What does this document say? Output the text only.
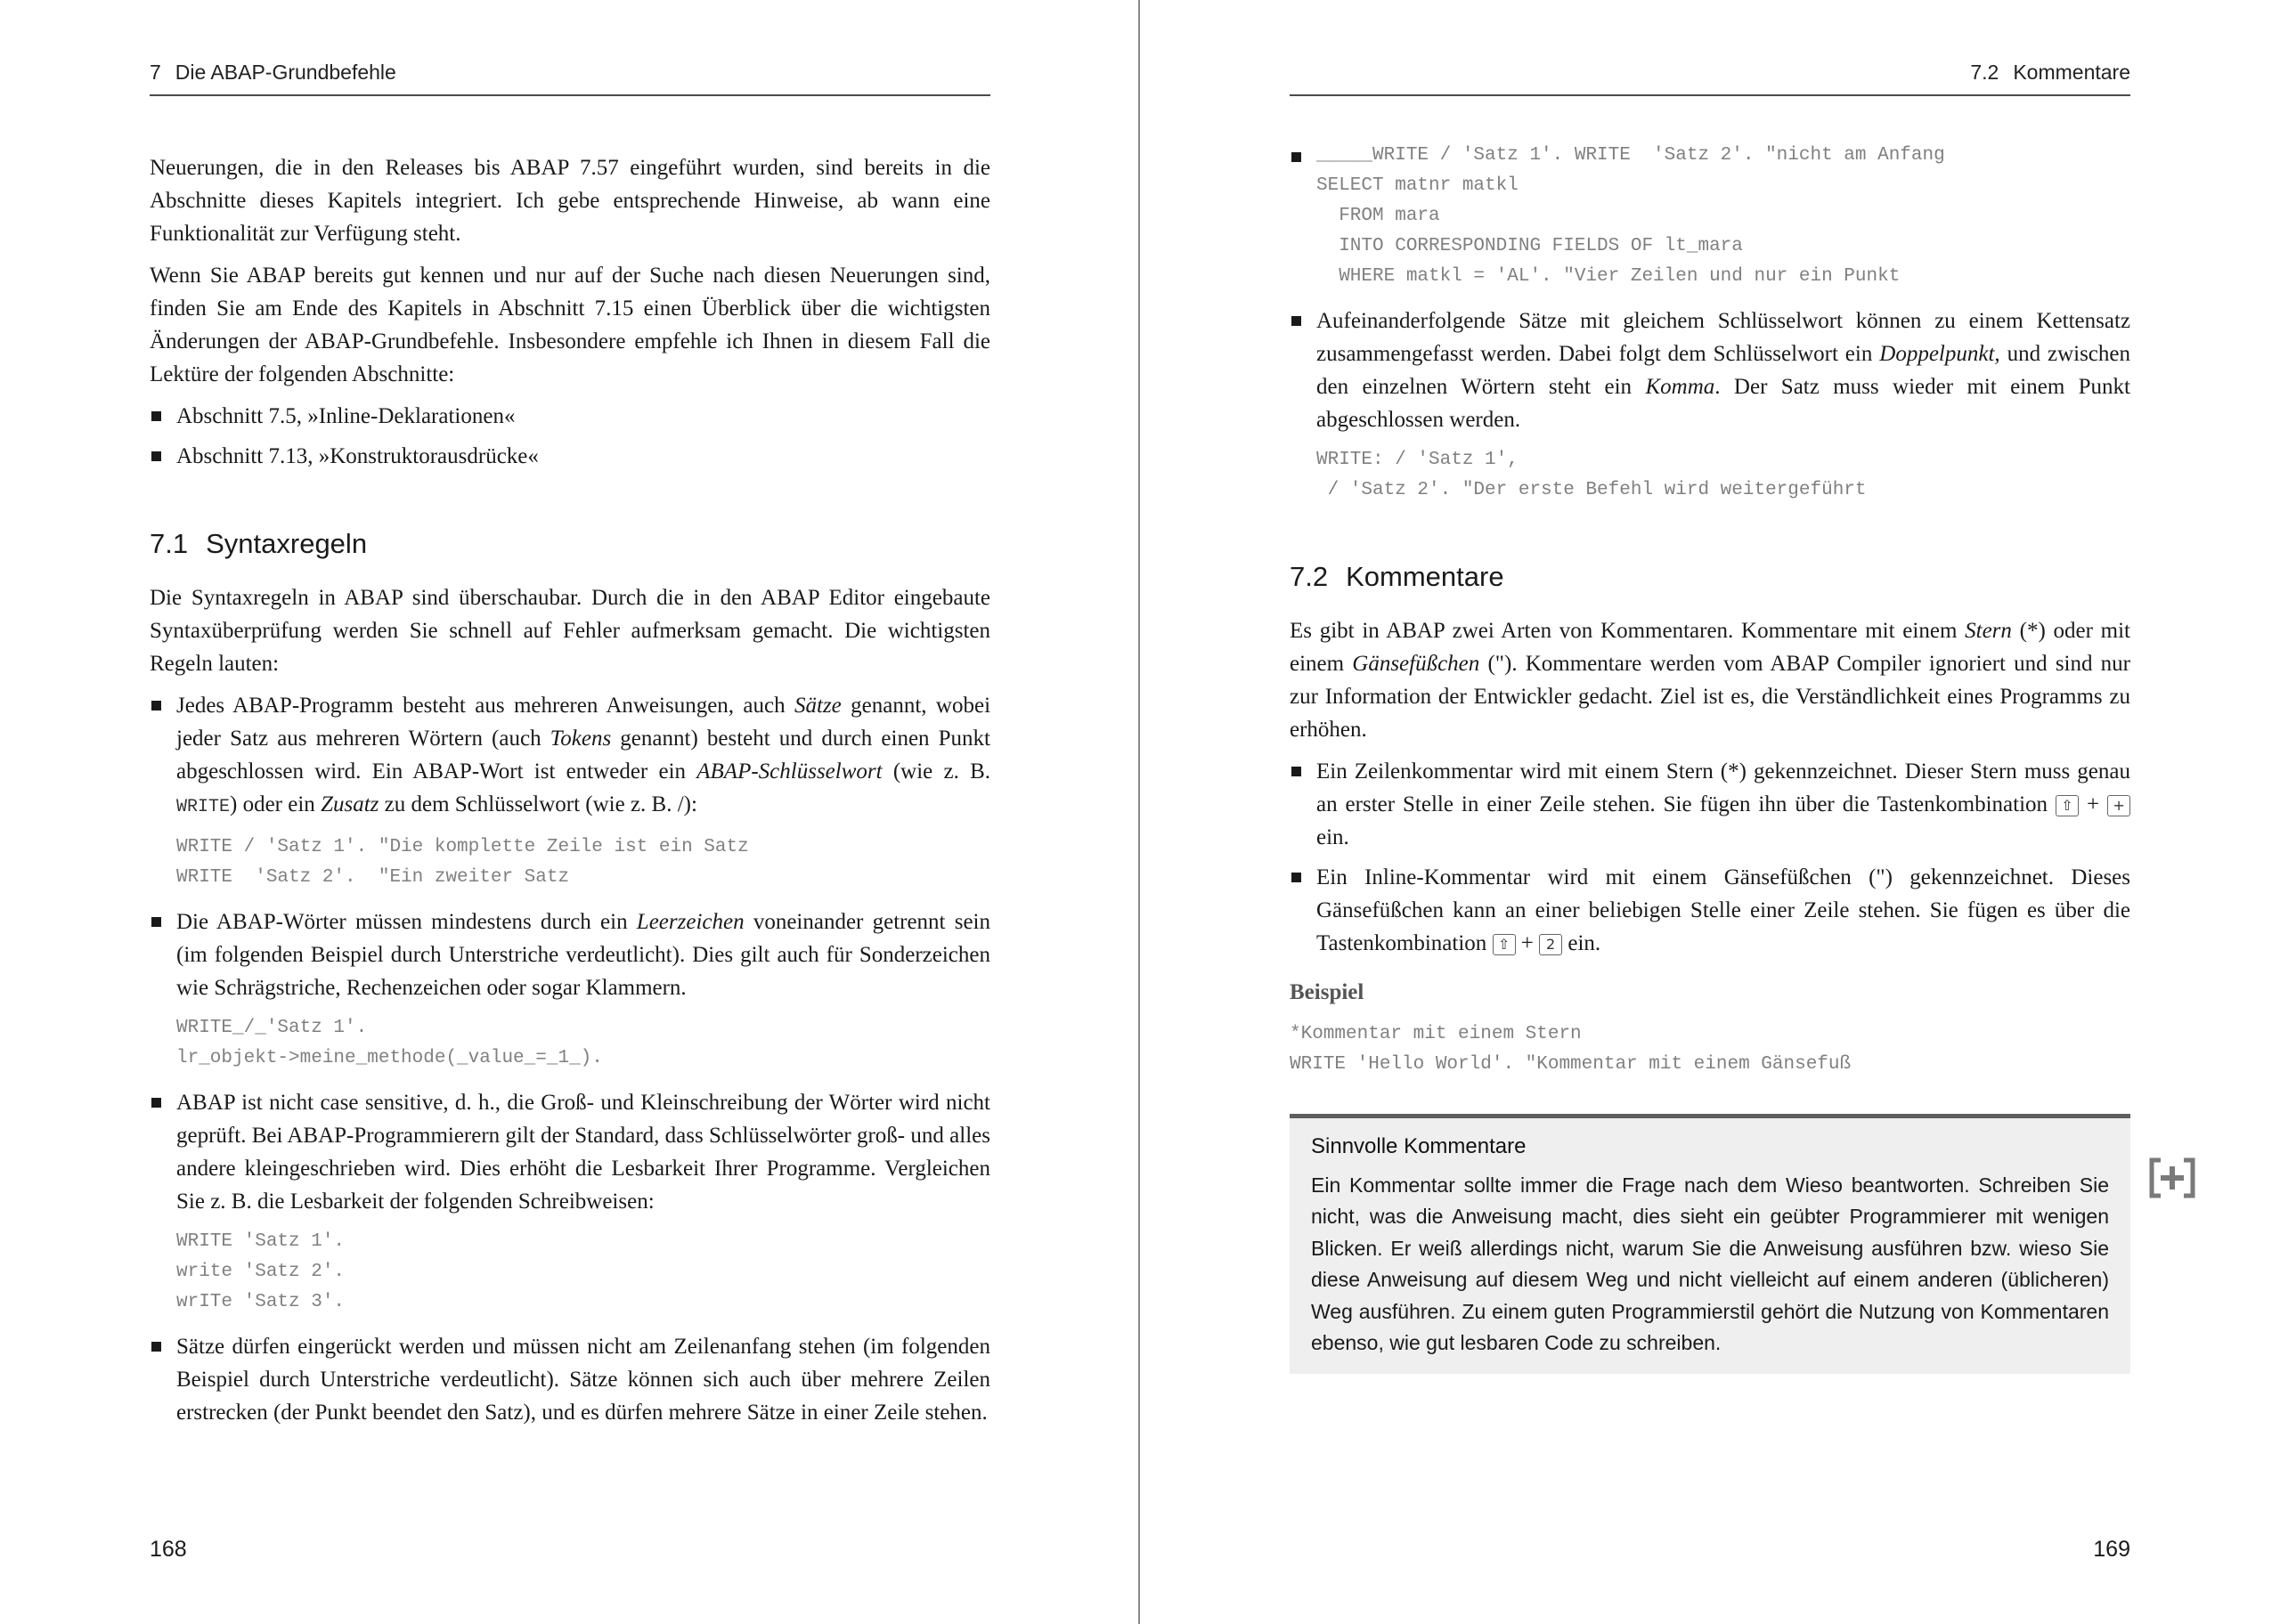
7 Die ABAP-Grundbefehle

Neuerungen, die in den Releases bis ABAP 7.57 eingeführt wurden, sind bereits in die Abschnitte dieses Kapitels integriert. Ich gebe entsprechende Hinweise, ab wann eine Funktionalität zur Verfügung steht.

Wenn Sie ABAP bereits gut kennen und nur auf der Suche nach diesen Neuerungen sind, finden Sie am Ende des Kapitels in Abschnitt 7.15 einen Überblick über die wichtigsten Änderungen der ABAP-Grundbefehle. Insbesondere empfehle ich Ihnen in diesem Fall die Lektüre der folgenden Abschnitte:

Abschnitt 7.5, »Inline-Deklarationen«
Abschnitt 7.13, »Konstruktorausdrücke«
7.1 Syntaxregeln

Die Syntaxregeln in ABAP sind überschaubar. Durch die in den ABAP Editor eingebaute Syntaxüberprüfung werden Sie schnell auf Fehler aufmerksam gemacht. Die wichtigsten Regeln lauten:

Jedes ABAP-Programm besteht aus mehreren Anweisungen, auch Sätze genannt, wobei jeder Satz aus mehreren Wörtern (auch Tokens genannt) besteht und durch einen Punkt abgeschlossen wird. Ein ABAP-Wort ist entweder ein ABAP-Schlüsselwort (wie z. B. WRITE) oder ein Zusatz zu dem Schlüsselwort (wie z. B. /):
WRITE / 'Satz 1'. "Die komplette Zeile ist ein Satz
WRITE  'Satz 2'.  "Ein zweiter Satz
Die ABAP-Wörter müssen mindestens durch ein Leerzeichen voneinander getrennt sein (im folgenden Beispiel durch Unterstriche verdeutlicht). Dies gilt auch für Sonderzeichen wie Schrägstriche, Rechenzeichen oder sogar Klammern.
WRITE_/_'Satz 1'.
lr_objekt->meine_methode(_value_=_1_).
ABAP ist nicht case sensitive, d. h., die Groß- und Kleinschreibung der Wörter wird nicht geprüft. Bei ABAP-Programmierern gilt der Standard, dass Schlüsselwörter groß- und alles andere kleingeschrieben wird. Dies erhöht die Lesbarkeit Ihrer Programme. Vergleichen Sie z. B. die Lesbarkeit der folgenden Schreibweisen:
WRITE 'Satz 1'.
write 'Satz 2'.
wrITe 'Satz 3'.
Sätze dürfen eingerückt werden und müssen nicht am Zeilenanfang stehen (im folgenden Beispiel durch Unterstriche verdeutlicht). Sätze können sich auch über mehrere Zeilen erstrecken (der Punkt beendet den Satz), und es dürfen mehrere Sätze in einer Zeile stehen.
168
7.2 Kommentare
_____WRITE / 'Satz 1'. WRITE  'Satz 2'. "nicht am Anfang
SELECT matnr matkl
FROM mara
INTO CORRESPONDING FIELDS OF lt_mara
WHERE matkl = 'AL'. "Vier Zeilen und nur ein Punkt
Aufeinanderfolgende Sätze mit gleichem Schlüsselwort können zu einem Kettensatz zusammengefasst werden. Dabei folgt dem Schlüsselwort ein Doppelpunkt, und zwischen den einzelnen Wörtern steht ein Komma. Der Satz muss wieder mit einem Punkt abgeschlossen werden.
WRITE: / 'Satz 1',
/ 'Satz 2'. "Der erste Befehl wird weitergeführt
7.2 Kommentare

Es gibt in ABAP zwei Arten von Kommentaren. Kommentare mit einem Stern (*) oder mit einem Gänsefüßchen ("). Kommentare werden vom ABAP Compiler ignoriert und sind nur zur Information der Entwickler gedacht. Ziel ist es, die Verständlichkeit eines Programms zu erhöhen.

Ein Zeilenkommentar wird mit einem Stern (*) gekennzeichnet. Dieser Stern muss genau an erster Stelle in einer Zeile stehen. Sie fügen ihn über die Tastenkombination ⇧ + + ein.
Ein Inline-Kommentar wird mit einem Gänsefüßchen (") gekennzeichnet. Dieses Gänsefüßchen kann an einer beliebigen Stelle einer Zeile stehen. Sie fügen es über die Tastenkombination ⇧ + 2 ein.
Beispiel
*Kommentar mit einem Stern
WRITE 'Hello World'. "Kommentar mit einem Gänsefuß
Sinnvolle Kommentare

Ein Kommentar sollte immer die Frage nach dem Wieso beantworten. Schreiben Sie nicht, was die Anweisung macht, dies sieht ein geübter Programmierer mit wenigen Blicken. Er weiß allerdings nicht, warum Sie die Anweisung ausführen bzw. wieso Sie diese Anweisung auf diesem Weg und nicht vielleicht auf einem anderen (üblicheren) Weg ausführen. Zu einem guten Programmierstil gehört die Nutzung von Kommentaren ebenso, wie gut lesbaren Code zu schreiben.

169
